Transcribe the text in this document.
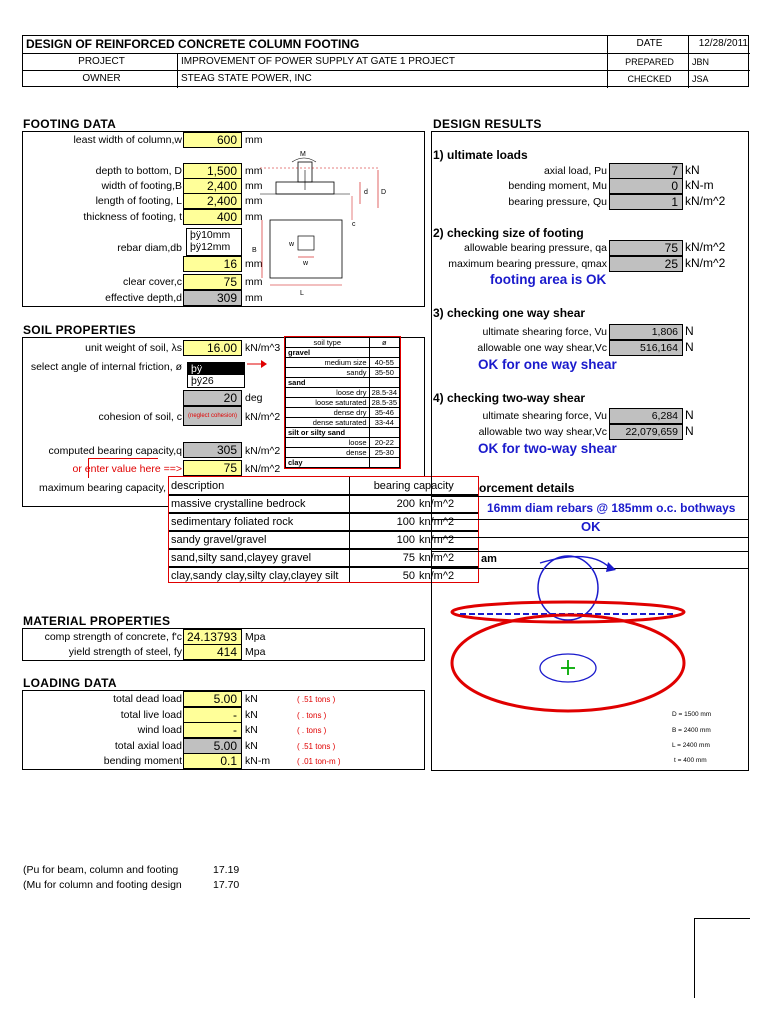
DESIGN OF REINFORCED CONCRETE COLUMN FOOTING	DATE	12/28/2011
PROJECT	IMPROVEMENT OF POWER SUPPLY AT GATE 1 PROJECT	PREPARED	JBN
OWNER	STEAG STATE POWER, INC	CHECKED	JSA
FOOTING DATA
least width of column,w	600 mm
depth to bottom, D	1,500 mm
width of footing,B	2,400 mm
length of footing, L	2,400 mm
thickness of footing, t	400 mm
rebar diam,db
þÿ10mm
þÿ12mm
16 mm
clear cover,c	75 mm
effective depth,d	309 mm
M
d D
c
B
w
w
L
SOIL PROPERTIES
unit weight of soil, λs	16.00 kN/m^3
select angle of internal friction, ø þÿ
þÿ26
20 deg
cohesion of soil, c (neglect cohesion) kN/m^2
computed bearing capacity,q	305 kN/m^2
or enter value here ==>	75 kN/m^2
maximum bearing capacity,
soil type	ø
gravel	
medium size	40-55
sandy	35-50
sand	
loose dry	28.5-34
loose saturated	28.5-35
dense dry	35-46
dense saturated	33-44
silt or silty sand	
loose	20-22
dense	25-30
clay	
description	bearing capacity	
massive crystalline bedrock	200	kn/m^2
sedimentary foliated rock	100	kn/m^2
sandy gravel/gravel	100	kn/m^2
sand,silty sand,clayey gravel	75	kn/m^2
clay,sandy clay,silty clay,clayey silt	50	kn/m^2
MATERIAL PROPERTIES
comp strength of concrete, f'c 24.13793 Mpa
yield strength of steel, fy	414 Mpa
LOADING DATA
total dead load	5.00 kN	( .51 tons )
total live load	- kN	( . tons )
wind load	- kN	( . tons )
total axial load	5.00 kN	( .51 tons )
bending moment	0.1 kN-m	( .01 ton-m )
DESIGN RESULTS
1) ultimate loads
axial load, Pu	7 kN
bending moment, Mu	0 kN-m
bearing pressure, Qu	1 kN/m^2
2) checking size of footing
allowable bearing pressure, qa	75 kN/m^2
maximum bearing pressure, qmax	25 kN/m^2
footing area is OK
3) checking one way shear
ultimate shearing force, Vu	1,806 N
allowable one way shear,Vc	516,164 N
OK for one way shear
4) checking two-way shear
ultimate shearing force, Vu	6,284 N
allowable two way shear,Vc	22,079,659 N
OK for two-way shear
orcement details
16mm diam rebars @ 185mm o.c. bothways
OK
am
D = 1500 mm
B = 2400 mm
L = 2400 mm
t = 400 mm
(Pu for beam, column and footing	17.19
(Mu for column and footing design	17.70
